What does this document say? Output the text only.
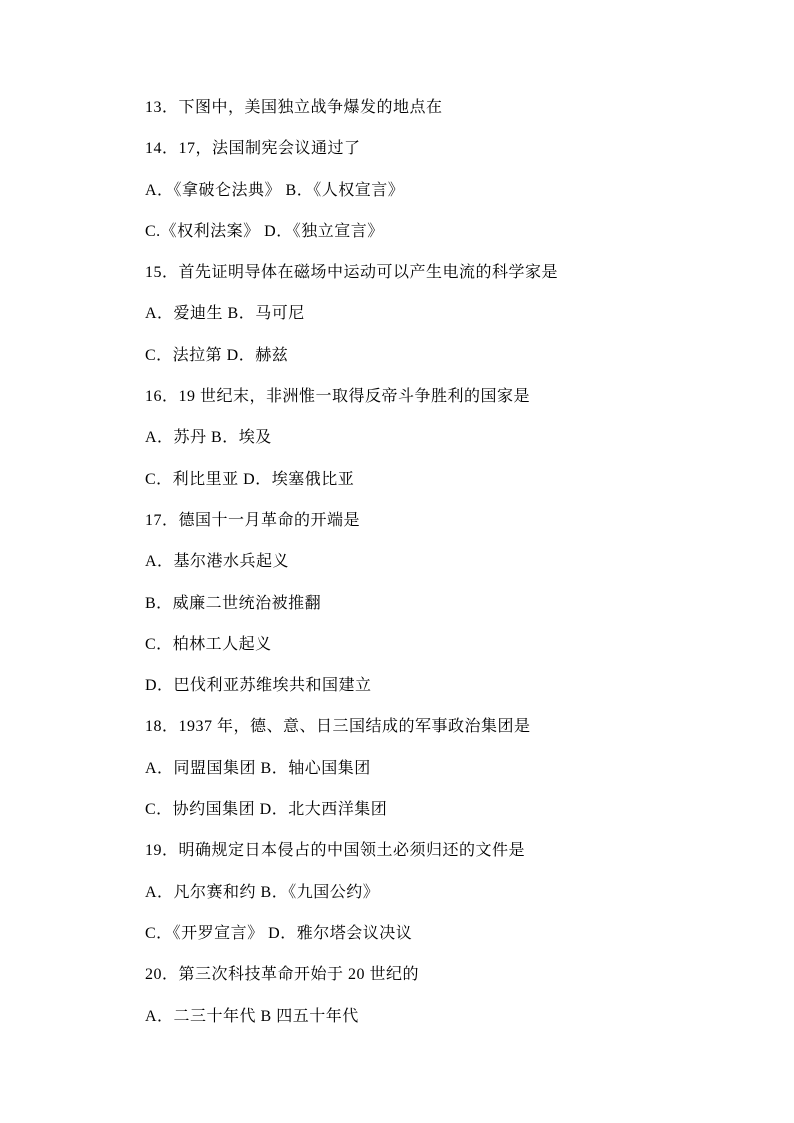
13．下图中，美国独立战争爆发的地点在

14．17，法国制宪会议通过了

A．《拿破仑法典》 B．《人权宣言》

C.《权利法案》 D．《独立宣言》

15．首先证明导体在磁场中运动可以产生电流的科学家是

A．爱迪生 B．马可尼

C．法拉第 D．赫兹

16．19 世纪末，非洲惟一取得反帝斗争胜利的国家是

A．苏丹 B．埃及

C．利比里亚 D．埃塞俄比亚

17．德国十一月革命的开端是

A．基尔港水兵起义

B．威廉二世统治被推翻

C．柏林工人起义

D．巴伐利亚苏维埃共和国建立

18．1937 年，德、意、日三国结成的军事政治集团是

A．同盟国集团 B．轴心国集团

C．协约国集团 D．北大西洋集团

19．明确规定日本侵占的中国领土必须归还的文件是

A．凡尔赛和约 B．《九国公约》

C．《开罗宣言》 D．雅尔塔会议决议

20．第三次科技革命开始于 20 世纪的

A．二三十年代 B 四五十年代
